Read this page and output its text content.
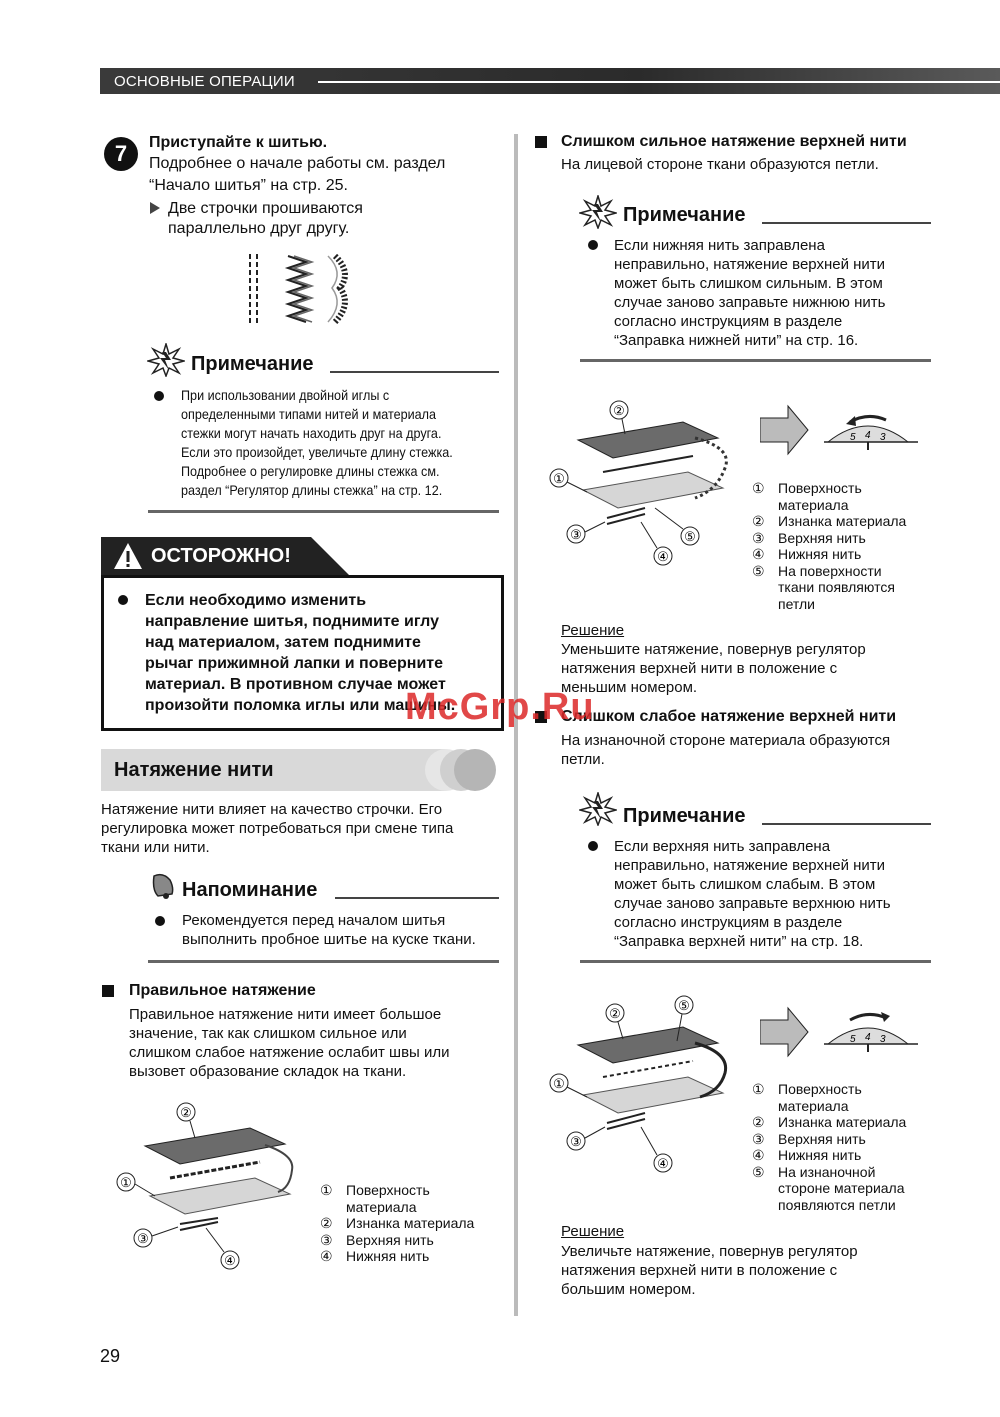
ОСНОВНЫЕ ОПЕРАЦИИ
7	Приступайте к шитью.
Подробнее о начале работы см. раздел
“Начало шитья” на стр. 25.
Две строчки прошиваются
параллельно друг другу.
Примечание
При использовании двойной иглы с
определенными типами нитей и материала
стежки могут начать находить друг на друга.
Если это произойдет, увеличьте длину стежка.
Подробнее о регулировке длины стежка см.
раздел “Регулятор длины стежка” на стр. 12.
ОСТОРОЖНО!
Если необходимо изменить
направление шитья, поднимите иглу
над материалом, затем поднимите
рычаг прижимной лапки и поверните
материал. В противном случае может
произойти поломка иглы или машины.
Натяжение нити
Натяжение нити влияет на качество строчки. Его
регулировка может потребоваться при смене типа
ткани или нити.
Напоминание
Рекомендуется перед началом шитья
выполнить пробное шитье на куске ткани.
Правильное натяжение
Правильное натяжение нити имеет большое
значение, так как слишком сильное или
слишком слабое натяжение ослабит швы или
вызовет образование складок на ткани.
②
①
③
④
① Поверхность
материала
② Изнанка материала
③ Верхняя нить
④ Нижняя нить
Слишком сильное натяжение верхней нити
На лицевой стороне ткани образуются петли.
Примечание
Если нижняя нить заправлена
неправильно, натяжение верхней нити
может быть слишком сильным. В этом
случае заново заправьте нижнюю нить
согласно инструкциям в разделе
“Заправка нижней нити” на стр. 16.
②
①
③
④
⑤
5 4 3
① Поверхность
материала
② Изнанка материала
③ Верхняя нить
④ Нижняя нить
⑤ На поверхности
ткани появляются
петли
Решение
Уменьшите натяжение, повернув регулятор
натяжения верхней нити в положение с
меньшим номером.
Слишком слабое натяжение верхней нити
На изнаночной стороне материала образуются
петли.
Примечание
Если верхняя нить заправлена
неправильно, натяжение верхней нити
может быть слишком слабым. В этом
случае заново заправьте верхнюю нить
согласно инструкциям в разделе
“Заправка верхней нити” на стр. 18.
②
⑤
①
③
④
5 4 3
① Поверхность
материала
② Изнанка материала
③ Верхняя нить
④ Нижняя нить
⑤ На изнаночной
стороне материала
появляются петли
Решение
Увеличьте натяжение, повернув регулятор
натяжения верхней нити в положение с
большим номером.
McGrp.Ru
29
